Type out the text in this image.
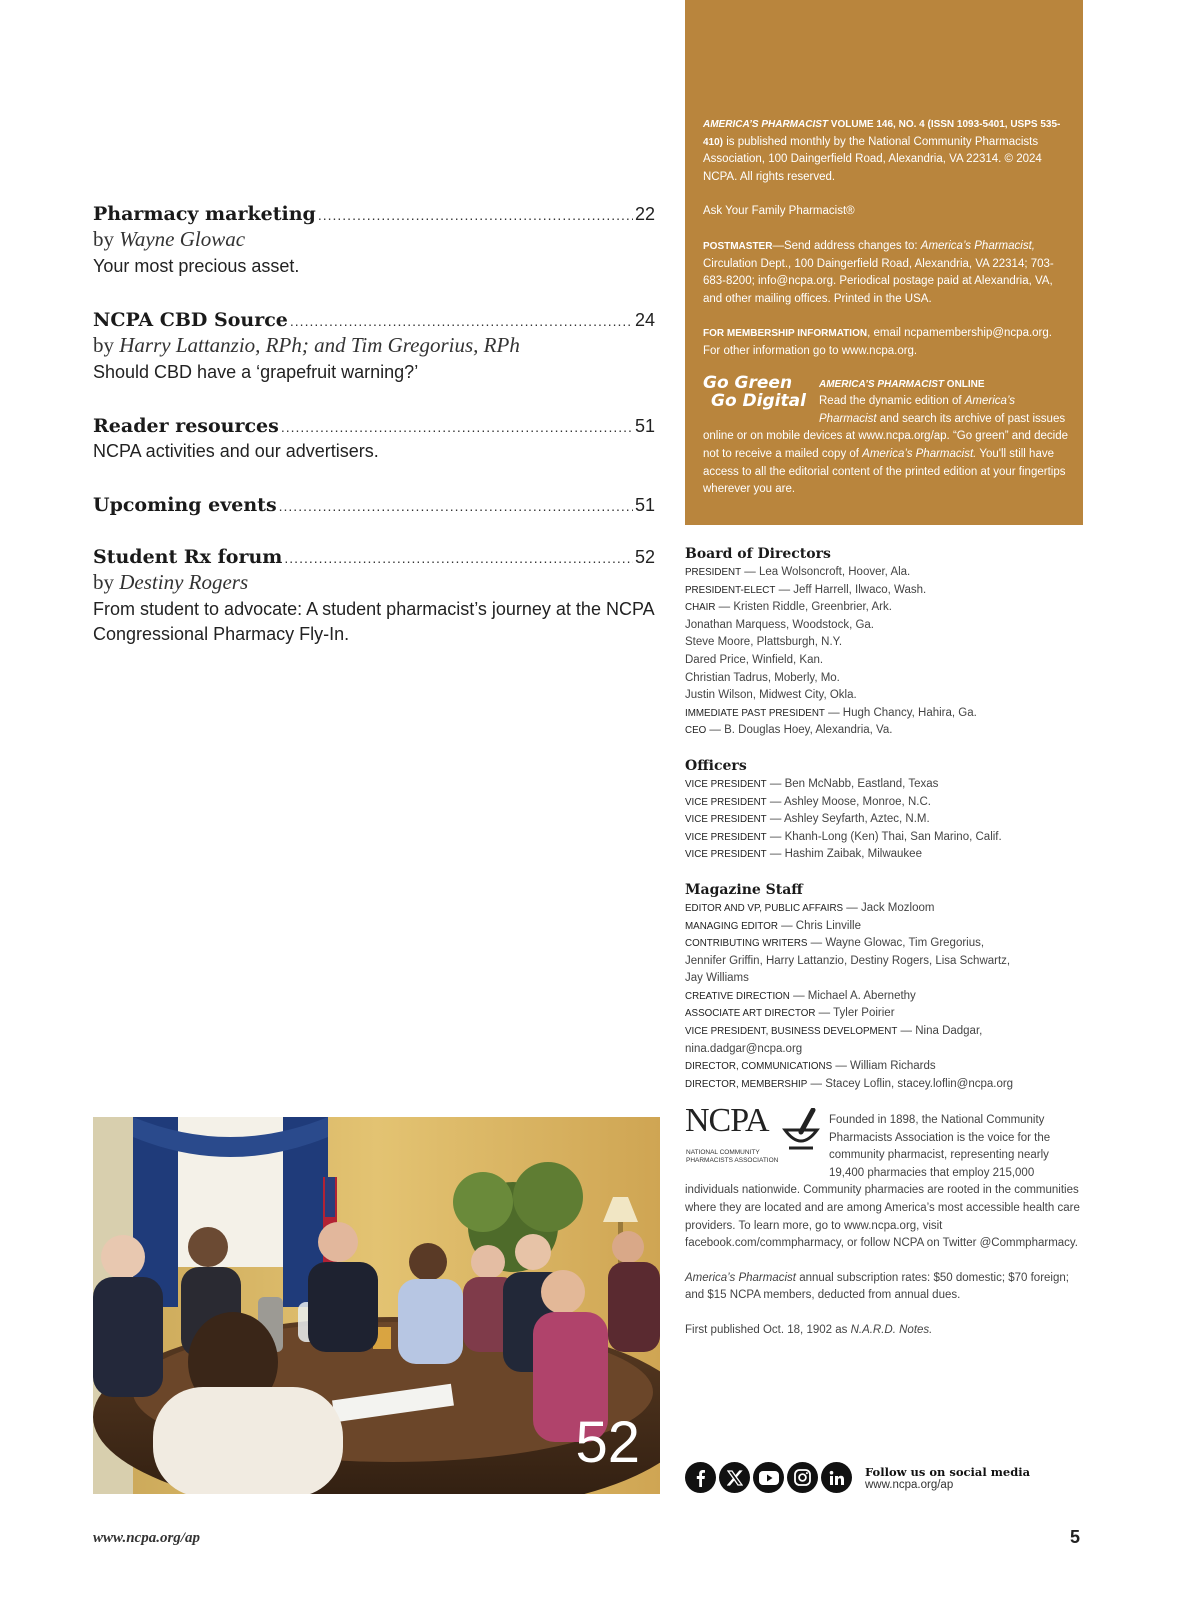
Pharmacy marketing .....	22
by Wayne Glowac
Your most precious asset.
NCPA CBD Source .....	24
by Harry Lattanzio, RPh; and Tim Gregorius, RPh
Should CBD have a ‘grapefruit warning?’
Reader resources .....	51
NCPA activities and our advertisers.
Upcoming events .....	51
Student Rx forum .....	52
by Destiny Rogers
From student to advocate: A student pharmacist’s journey at the NCPA Congressional Pharmacy Fly-In.
52

AMERICA’S PHARMACIST VOLUME 146, NO. 4 (ISSN 1093-5401, USPS 535-410) is published monthly by the National Community Pharmacists Association, 100 Daingerfield Road, Alexandria, VA 22314. © 2024 NCPA. All rights reserved.

Ask Your Family Pharmacist®

POSTMASTER—Send address changes to: America’s Pharmacist, Circulation Dept., 100 Daingerfield Road, Alexandria, VA 22314; 703-683-8200; info@ncpa.org. Periodical postage paid at Alexandria, VA, and other mailing offices. Printed in the USA.

FOR MEMBERSHIP INFORMATION, email ncpamembership@ncpa.org. For other information go to www.ncpa.org.

Go Green
Go Digital
AMERICA’S PHARMACIST ONLINE
Read the dynamic edition of America’s Pharmacist and search its archive of past issues online or on mobile devices at www.ncpa.org/ap. “Go green” and decide not to receive a mailed copy of America’s Pharmacist. You'll still have access to all the editorial content of the printed edition at your fingertips wherever you are.
Board of Directors
PRESIDENT — Lea Wolsoncroft, Hoover, Ala.
PRESIDENT-ELECT — Jeff Harrell, Ilwaco, Wash.
CHAIR — Kristen Riddle, Greenbrier, Ark.
Jonathan Marquess, Woodstock, Ga.
Steve Moore, Plattsburgh, N.Y.
Dared Price, Winfield, Kan.
Christian Tadrus, Moberly, Mo.
Justin Wilson, Midwest City, Okla.
IMMEDIATE PAST PRESIDENT — Hugh Chancy, Hahira, Ga.
CEO — B. Douglas Hoey, Alexandria, Va.
Officers
VICE PRESIDENT — Ben McNabb, Eastland, Texas
VICE PRESIDENT — Ashley Moose, Monroe, N.C.
VICE PRESIDENT — Ashley Seyfarth, Aztec, N.M.
VICE PRESIDENT — Khanh-Long (Ken) Thai, San Marino, Calif.
VICE PRESIDENT — Hashim Zaibak, Milwaukee
Magazine Staff
EDITOR AND VP, PUBLIC AFFAIRS — Jack Mozloom
MANAGING EDITOR — Chris Linville
CONTRIBUTING WRITERS — Wayne Glowac, Tim Gregorius,
Jennifer Griffin, Harry Lattanzio, Destiny Rogers, Lisa Schwartz,
Jay Williams
CREATIVE DIRECTION — Michael A. Abernethy
ASSOCIATE ART DIRECTOR — Tyler Poirier
VICE PRESIDENT, BUSINESS DEVELOPMENT — Nina Dadgar,
nina.dadgar@ncpa.org
DIRECTOR, COMMUNICATIONS — William Richards
DIRECTOR, MEMBERSHIP — Stacey Loflin, stacey.loflin@ncpa.org
NCPA
NATIONAL COMMUNITY PHARMACISTS ASSOCIATION

Founded in 1898, the National Community Pharmacists Association is the voice for the community pharmacist, representing nearly 19,400 pharmacies that employ 215,000 individuals nationwide. Community pharmacies are rooted in the communities where they are located and are among America’s most accessible health care providers. To learn more, go to www.ncpa.org, visit facebook.com/commpharmacy, or follow NCPA on Twitter @Commpharmacy.

America’s Pharmacist annual subscription rates: $50 domestic; $70 foreign; and $15 NCPA members, deducted from annual dues.

First published Oct. 18, 1902 as N.A.R.D. Notes.

Follow us on social media
www.ncpa.org/ap
www.ncpa.org/ap	5
